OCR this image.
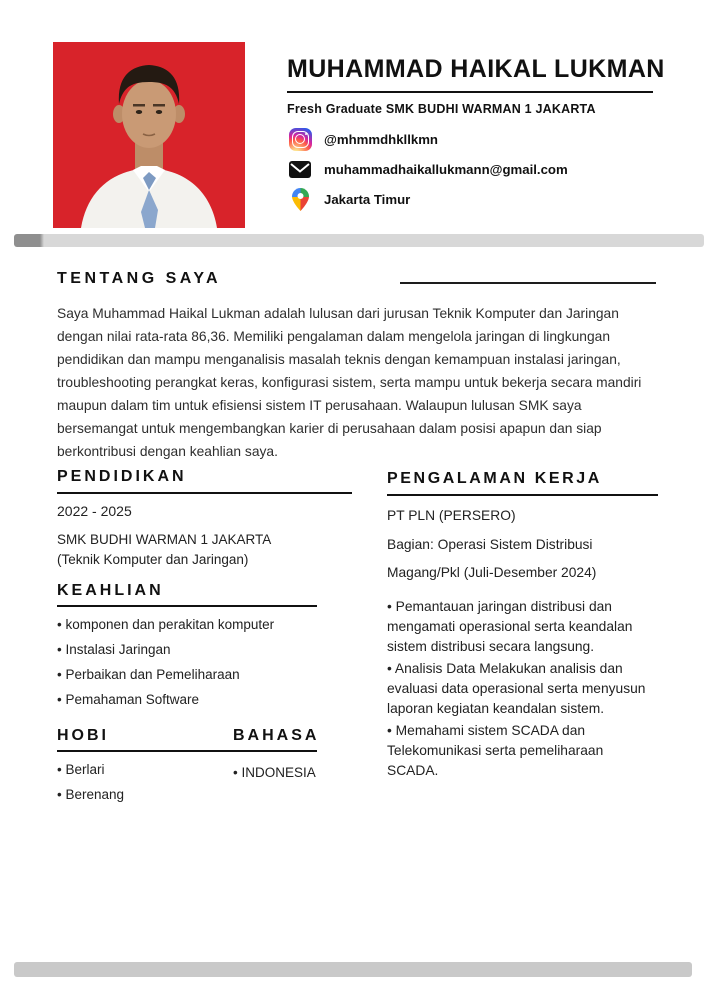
MUHAMMAD HAIKAL LUKMAN
Fresh Graduate SMK BUDHI WARMAN 1 JAKARTA
@mhmmdhkllkmn
muhammadhaikallukmann@gmail.com
Jakarta Timur
TENTANG SAYA
Saya Muhammad Haikal Lukman adalah lulusan dari jurusan Teknik Komputer dan Jaringan dengan nilai rata-rata 86,36. Memiliki pengalaman dalam mengelola jaringan di lingkungan pendidikan dan mampu menganalisis masalah teknis dengan kemampuan instalasi jaringan, troubleshooting perangkat keras, konfigurasi sistem, serta mampu untuk bekerja secara mandiri maupun dalam tim untuk efisiensi sistem IT perusahaan. Walaupun lulusan SMK saya bersemangat untuk mengembangkan karier di perusahaan dalam posisi apapun dan siap berkontribusi dengan keahlian saya.
PENDIDIKAN
2022 - 2025
SMK BUDHI WARMAN 1 JAKARTA
(Teknik Komputer dan Jaringan)
KEAHLIAN
• komponen dan perakitan komputer
• Instalasi Jaringan
• Perbaikan dan Pemeliharaan
• Pemahaman Software
HOBI	BAHASA
• Berlari
• Berenang
• INDONESIA
PENGALAMAN KERJA
PT PLN (PERSERO)
Bagian: Operasi Sistem Distribusi
Magang/Pkl (Juli-Desember 2024)

• Pemantauan jaringan distribusi dan mengamati operasional serta keandalan sistem distribusi secara langsung.

• Analisis Data Melakukan analisis dan evaluasi data operasional serta menyusun laporan kegiatan keandalan sistem.

• Memahami sistem SCADA dan Telekomunikasi serta pemeliharaan SCADA.
